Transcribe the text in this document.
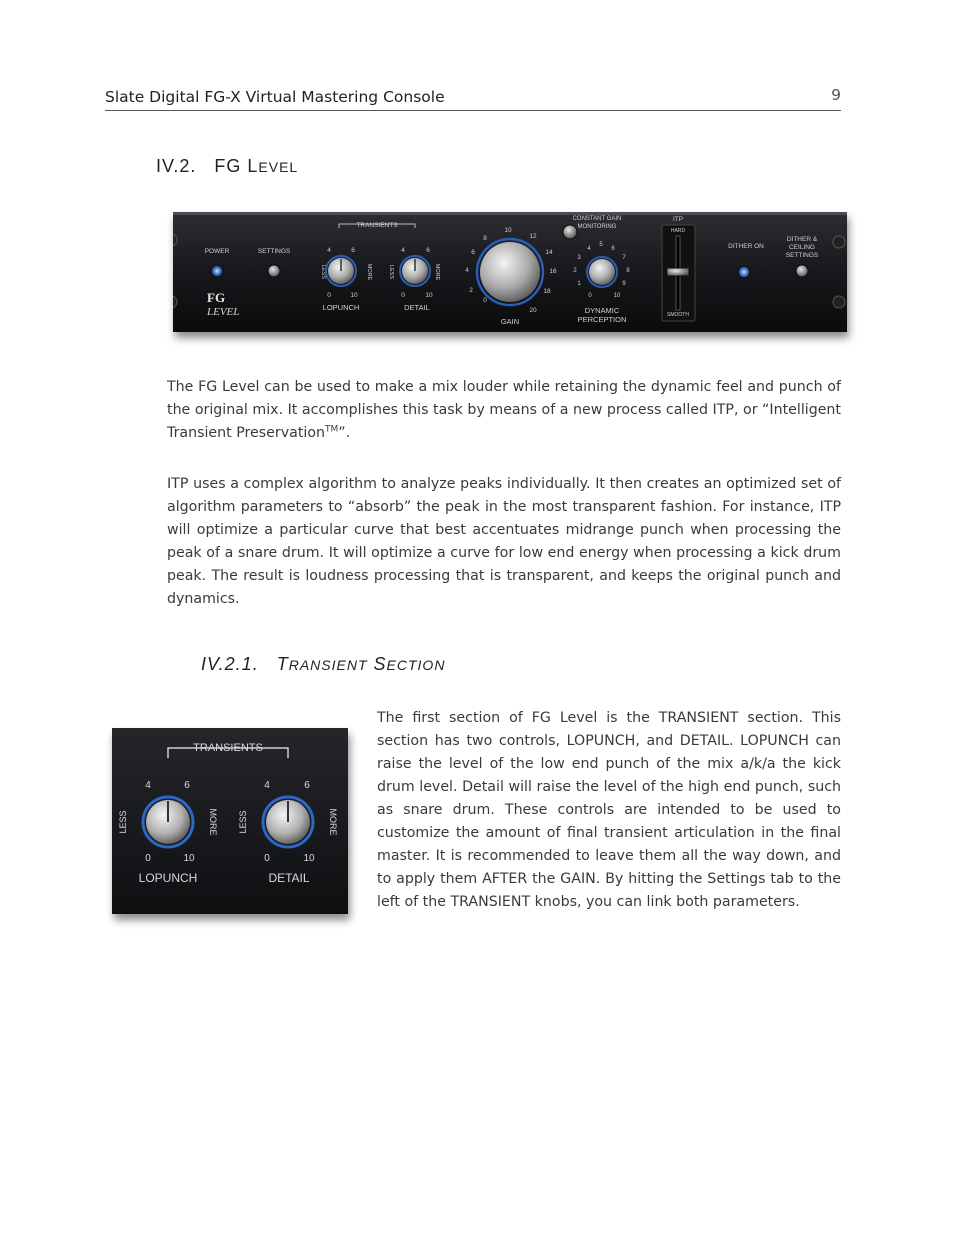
Slate Digital FG-X Virtual Mastering Console	9
IV.2. FG LEVEL
POWER	SETTINGS
FG
LEVEL
TRANSIENTS
4	6
0	10
LESS	MORE
LOPUNCH
4	6
0	10
LESS	MORE
DETAIL
0
2
4
6
8
10
12
14
16
18
20
GAIN
CONSTANT GAIN
MONITORING
4
5
6
3	7
2	8
1	9
0	10
DYNAMIC
PERCEPTION
ITP
HARD
SMOOTH
DITHER ON
DITHER &
CEILING
SETTINGS
The FG Level can be used to make a mix louder while retaining the dynamic feel and punch of the original mix. It accomplishes this task by means of a new process called ITP, or “Intelligent Transient Preservation™”.
ITP uses a complex algorithm to analyze peaks individually. It then creates an optimized set of algorithm parameters to “absorb” the peak in the most transparent fashion. For instance, ITP will optimize a particular curve that best accentuates midrange punch when processing the peak of a snare drum. It will optimize a curve for low end energy when processing a kick drum peak. The result is loudness processing that is transparent, and keeps the original punch and dynamics.
IV.2.1. TRANSIENT SECTION
TRANSIENTS
4	6
0	10
LESS	MORE
LOPUNCH
4	6
0	10
LESS	MORE
DETAIL
The first section of FG Level is the TRANSIENT section. This section has two controls, LOPUNCH, and DETAIL. LOPUNCH can raise the level of the low end punch of the mix a/k/a the kick drum level. Detail will raise the level of the high end punch, such as snare drum. These controls are intended to be used to customize the amount of final transient articulation in the final master. It is recommended to leave them all the way down, and to apply them AFTER the GAIN. By hitting the Settings tab to the left of the TRANSIENT knobs, you can link both parameters.
